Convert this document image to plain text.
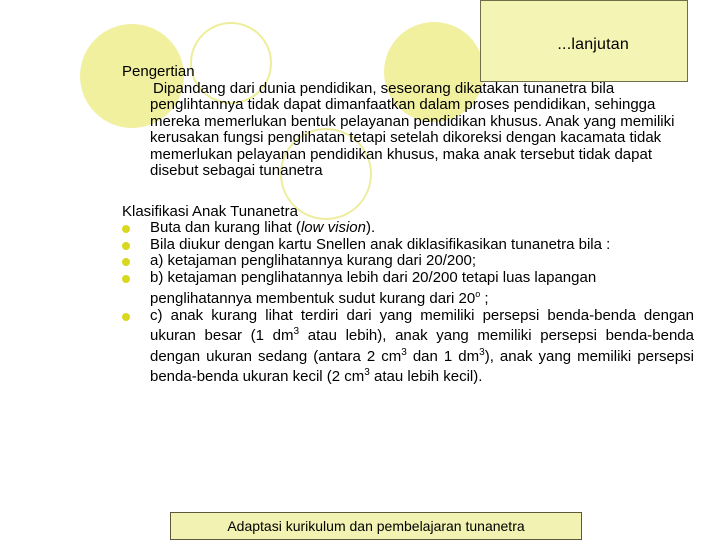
...lanjutan

Pengertian

Dipandang dari dunia pendidikan, seseorang dikatakan tunanetra bila penglihtannya tidak dapat dimanfaatkan dalam proses pendidikan, sehingga mereka memerlukan bentuk pelayanan pendidikan khusus. Anak yang memiliki kerusakan fungsi penglihatan tetapi setelah dikoreksi dengan kacamata tidak memerlukan pelayanan pendidikan khusus, maka anak tersebut tidak dapat disebut sebagai tunanetra

Klasifikasi Anak Tunanetra

Buta dan kurang lihat (low vision).
Bila diukur dengan kartu Snellen anak diklasifikasikan tunanetra bila :
a) ketajaman penglihatannya kurang dari 20/200;
b) ketajaman penglihatannya lebih dari 20/200 tetapi luas lapangan penglihatannya membentuk sudut kurang dari 20$^o$ ;
c) anak kurang lihat terdiri dari yang memiliki persepsi benda-benda dengan ukuran besar (1 $dm^3$ atau lebih), anak yang memiliki persepsi benda-benda dengan ukuran sedang (antara 2 $cm^3$ dan 1 $dm^3$), anak yang memiliki persepsi benda-benda ukuran kecil (2 $cm^3$ atau lebih kecil).
Adaptasi kurikulum dan pembelajaran tunanetra
